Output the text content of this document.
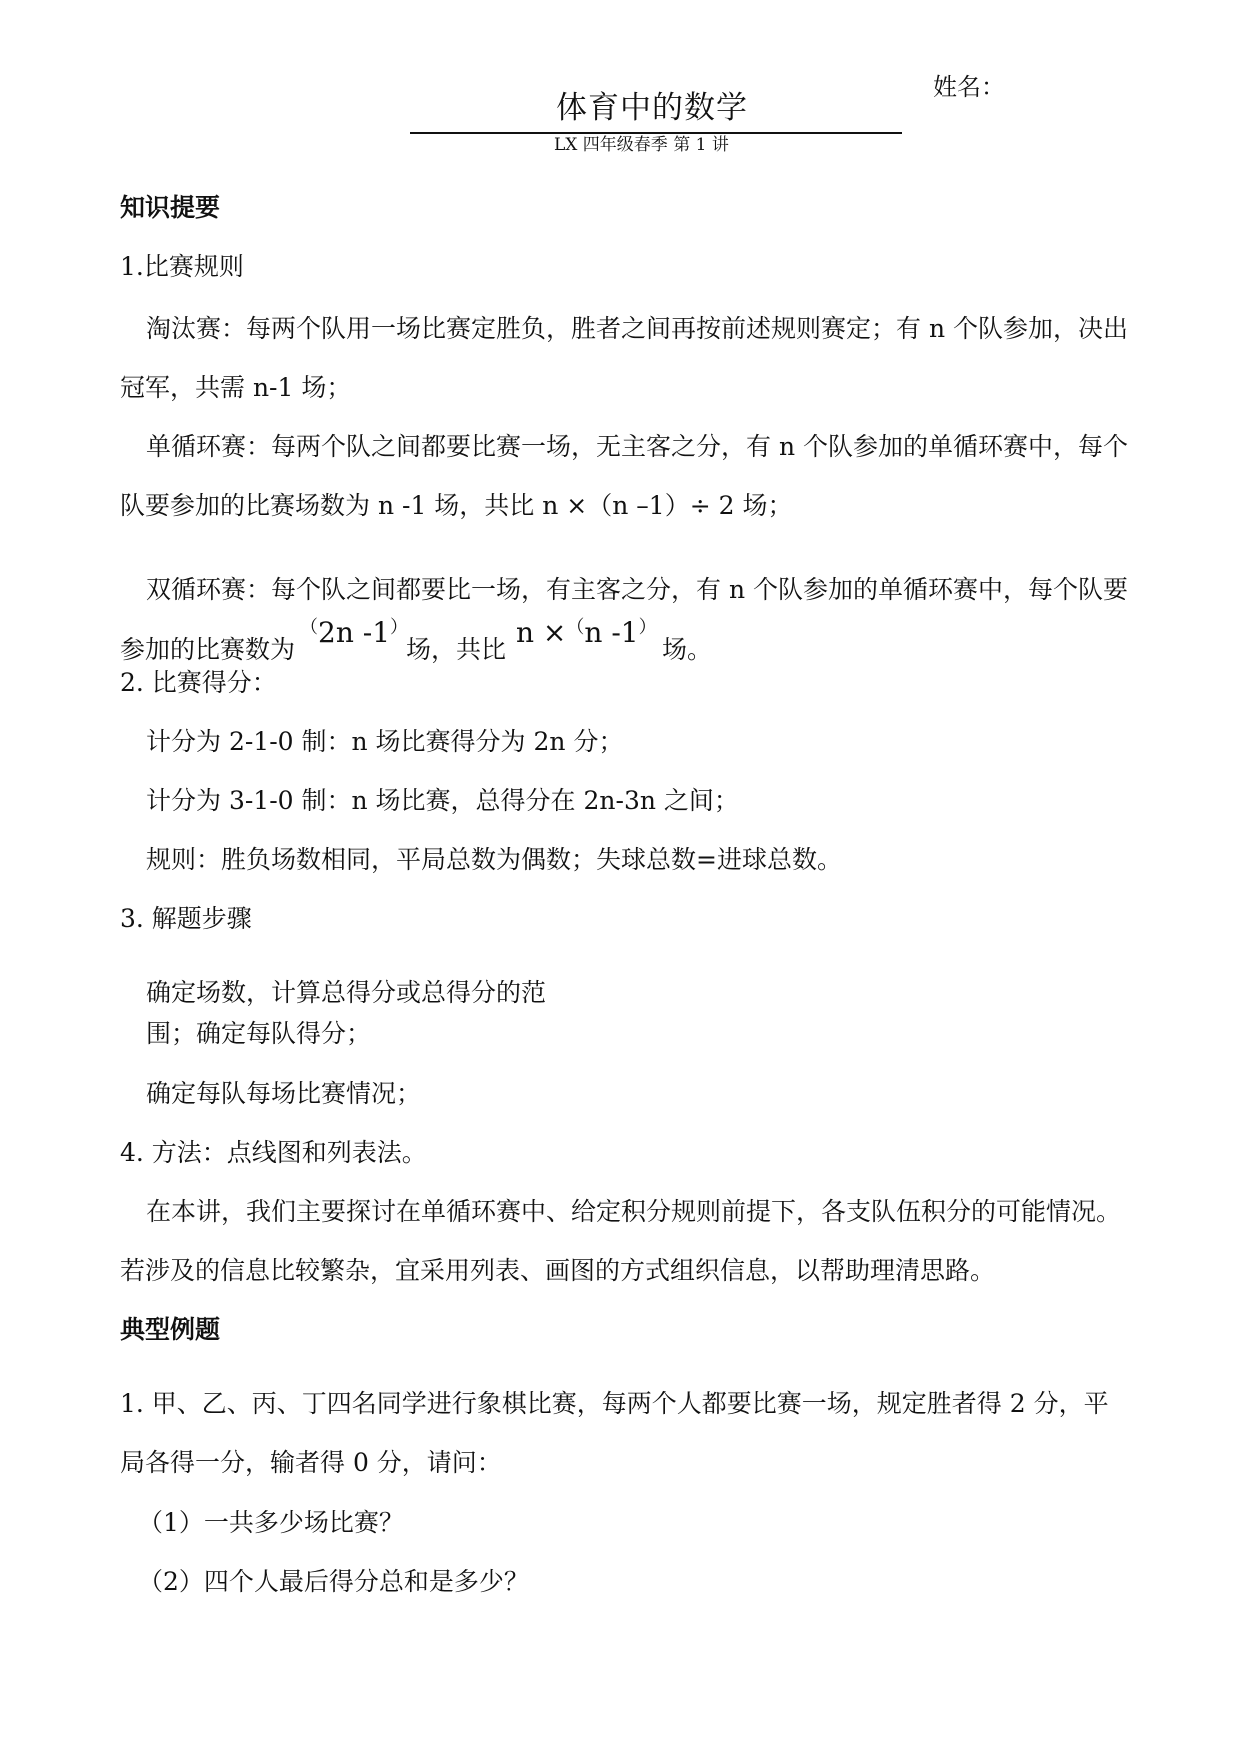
体育中的数学
LX 四年级春季 第 1 讲
姓名：
知识提要
1.比赛规则
淘汰赛：每两个队用一场比赛定胜负，胜者之间再按前述规则赛定；有 n 个队参加，决出
冠军，共需 n-1 场；
单循环赛：每两个队之间都要比赛一场，无主客之分，有 n 个队参加的单循环赛中，每个
队要参加的比赛场数为 n -1 场，共比 n ×（n –1）÷ 2 场；
双循环赛：每个队之间都要比一场，有主客之分，有 n 个队参加的单循环赛中，每个队要
参加的比赛数为
（2n -1）
场，共比
n ×（n -1）
场。
2. 比赛得分：
计分为 2-1-0 制：n 场比赛得分为 2n 分；
计分为 3-1-0 制：n 场比赛，总得分在 2n-3n 之间；
规则：胜负场数相同，平局总数为偶数；失球总数=进球总数。
3. 解题步骤
确定场数，计算总得分或总得分的范
围；确定每队得分；
确定每队每场比赛情况；
4. 方法：点线图和列表法。
在本讲，我们主要探讨在单循环赛中、给定积分规则前提下，各支队伍积分的可能情况。
若涉及的信息比较繁杂，宜采用列表、画图的方式组织信息，以帮助理清思路。
典型例题
1. 甲、乙、丙、丁四名同学进行象棋比赛，每两个人都要比赛一场，规定胜者得 2 分，平
局各得一分，输者得 0 分，请问：
（1）一共多少场比赛？
（2）四个人最后得分总和是多少？
